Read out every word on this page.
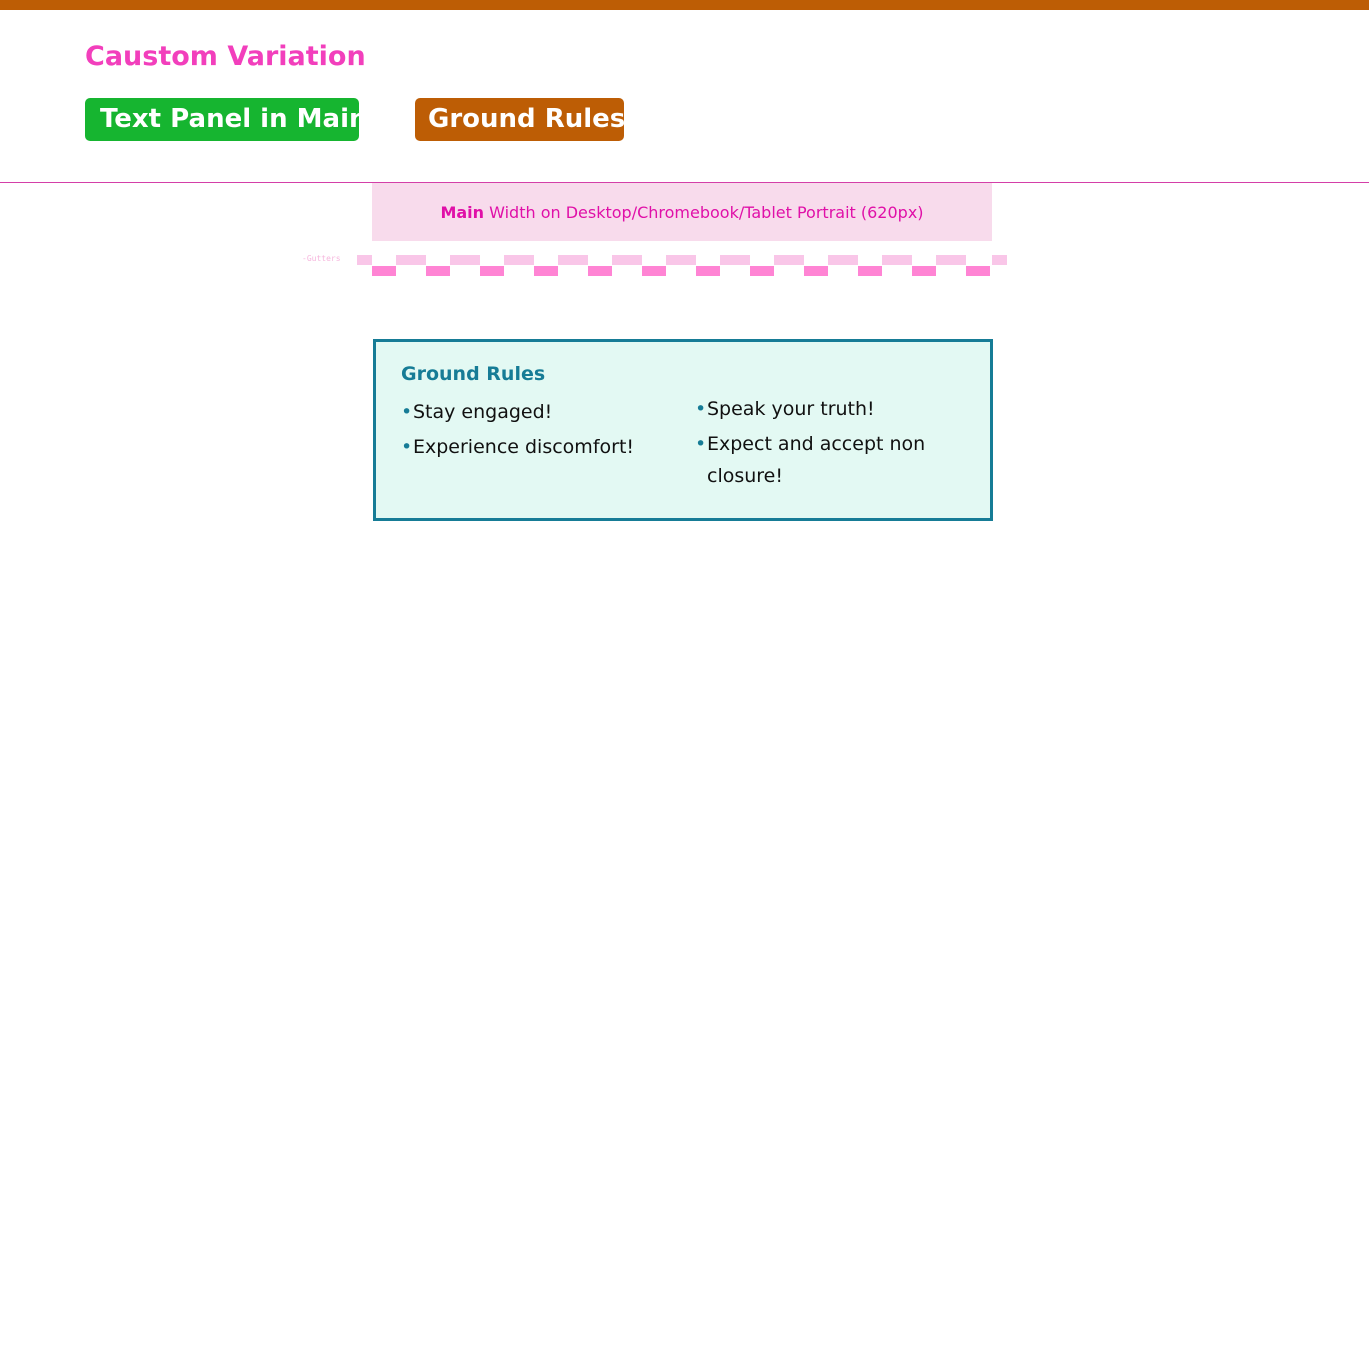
Caustom Variation
Text Panel in Main	Ground Rules
Main Width on Desktop/Chromebook/Tablet Portrait (620px)
-Gutters
Ground Rules
• Stay engaged!
• Experience discomfort!
• Speak your truth!
• Expect and accept non closure!
